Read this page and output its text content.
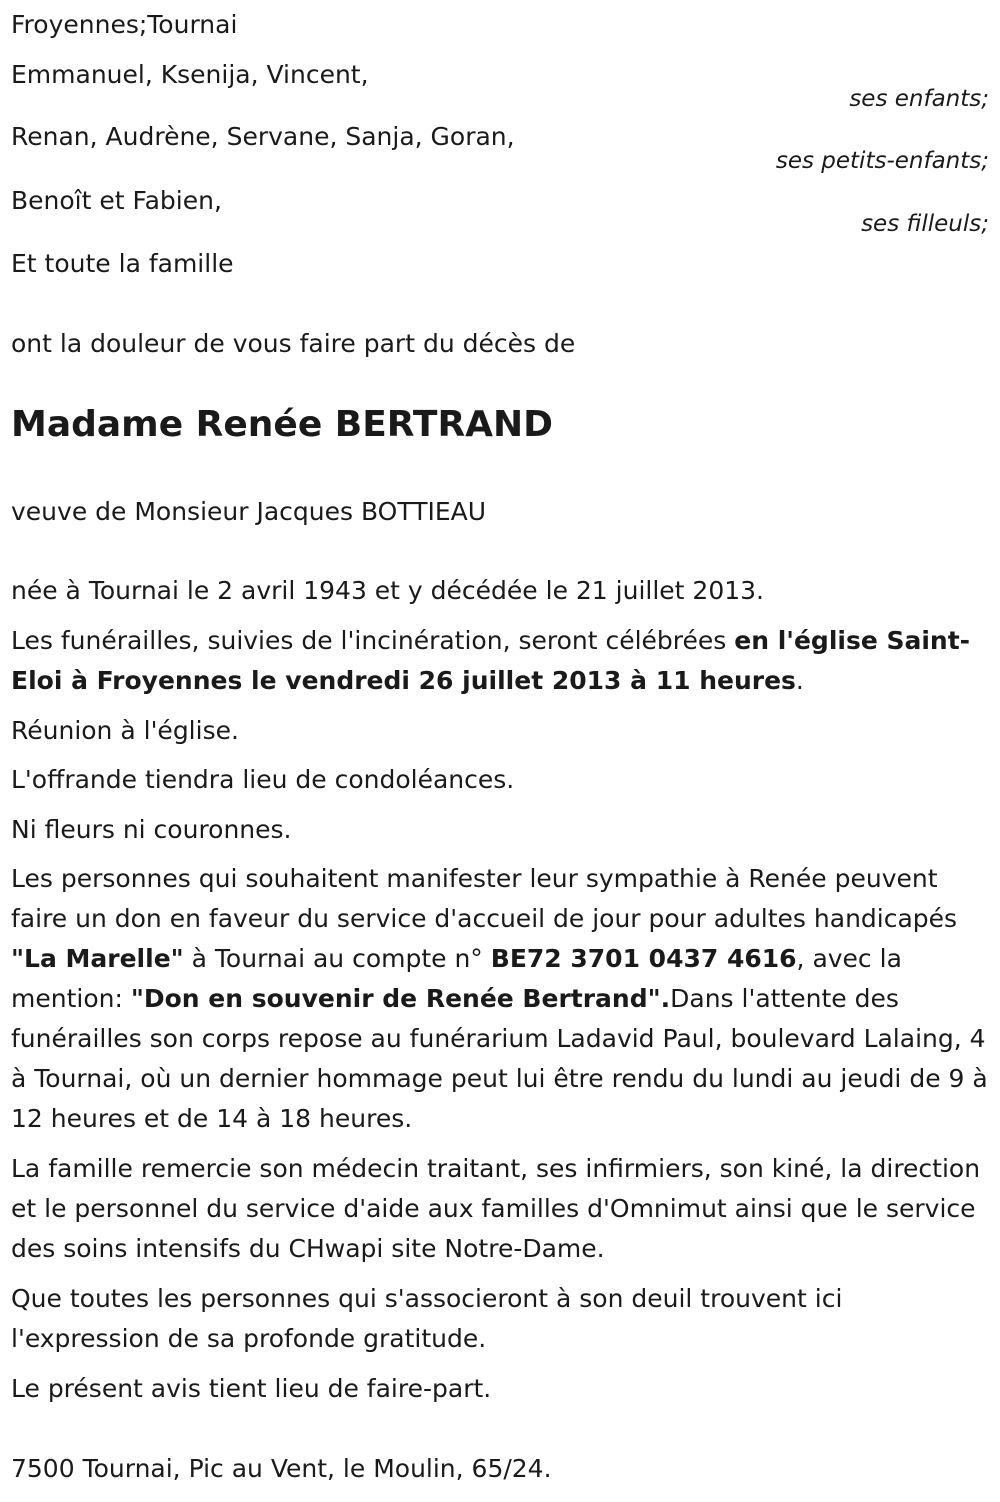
Froyennes;Tournai
Emmanuel, Ksenija, Vincent,
ses enfants;
Renan, Audrène, Servane, Sanja, Goran,
ses petits-enfants;
Benoît et Fabien,
ses filleuls;
Et toute la famille
ont la douleur de vous faire part du décès de
Madame Renée BERTRAND
veuve de Monsieur Jacques BOTTIEAU
née à Tournai le 2 avril 1943 et y décédée le 21 juillet 2013.
Les funérailles, suivies de l'incinération, seront célébrées en l'église Saint-Eloi à Froyennes le vendredi 26 juillet 2013 à 11 heures.
Réunion à l'église.
L'offrande tiendra lieu de condoléances.
Ni fleurs ni couronnes.
Les personnes qui souhaitent manifester leur sympathie à Renée peuvent faire un don en faveur du service d'accueil de jour pour adultes handicapés "La Marelle" à Tournai au compte n° BE72 3701 0437 4616, avec la mention: "Don en souvenir de Renée Bertrand".Dans l'attente des funérailles son corps repose au funérarium Ladavid Paul, boulevard Lalaing, 4 à Tournai, où un dernier hommage peut lui être rendu du lundi au jeudi de 9 à 12 heures et de 14 à 18 heures.
La famille remercie son médecin traitant, ses infirmiers, son kiné, la direction et le personnel du service d'aide aux familles d'Omnimut ainsi que le service des soins intensifs du CHwapi site Notre-Dame.
Que toutes les personnes qui s'associeront à son deuil trouvent ici l'expression de sa profonde gratitude.
Le présent avis tient lieu de faire-part.
7500 Tournai, Pic au Vent, le Moulin, 65/24.
